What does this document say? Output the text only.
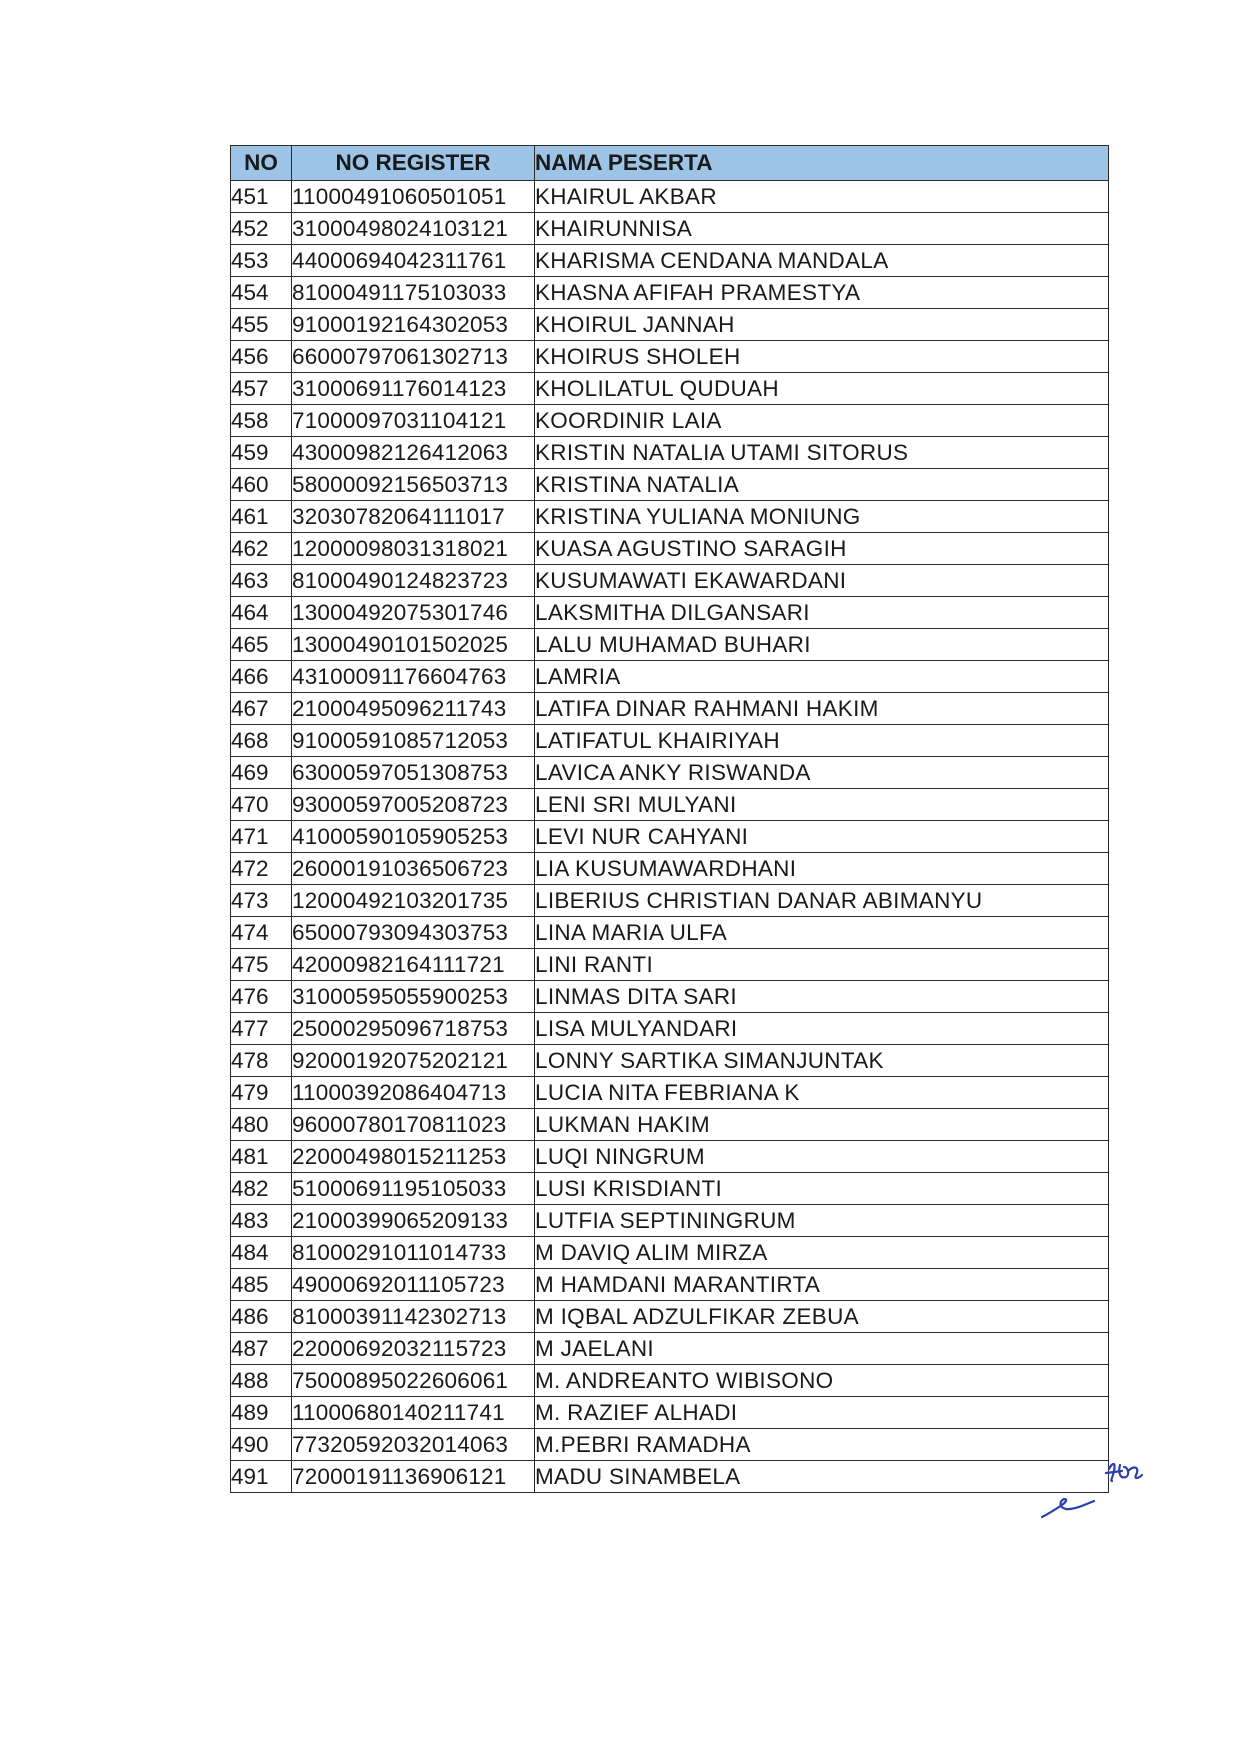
NO	NO REGISTER	NAMA PESERTA
451	11000491060501051	KHAIRUL AKBAR
452	31000498024103121	KHAIRUNNISA
453	44000694042311761	KHARISMA CENDANA MANDALA
454	81000491175103033	KHASNA AFIFAH PRAMESTYA
455	91000192164302053	KHOIRUL JANNAH
456	66000797061302713	KHOIRUS SHOLEH
457	31000691176014123	KHOLILATUL QUDUAH
458	71000097031104121	KOORDINIR LAIA
459	43000982126412063	KRISTIN NATALIA UTAMI SITORUS
460	58000092156503713	KRISTINA NATALIA
461	32030782064111017	KRISTINA YULIANA MONIUNG
462	12000098031318021	KUASA AGUSTINO SARAGIH
463	81000490124823723	KUSUMAWATI EKAWARDANI
464	13000492075301746	LAKSMITHA DILGANSARI
465	13000490101502025	LALU MUHAMAD BUHARI
466	43100091176604763	LAMRIA
467	21000495096211743	LATIFA DINAR RAHMANI HAKIM
468	91000591085712053	LATIFATUL KHAIRIYAH
469	63000597051308753	LAVICA ANKY RISWANDA
470	93000597005208723	LENI SRI MULYANI
471	41000590105905253	LEVI NUR CAHYANI
472	26000191036506723	LIA KUSUMAWARDHANI
473	12000492103201735	LIBERIUS CHRISTIAN DANAR ABIMANYU
474	65000793094303753	LINA MARIA ULFA
475	42000982164111721	LINI RANTI
476	31000595055900253	LINMAS DITA SARI
477	25000295096718753	LISA MULYANDARI
478	92000192075202121	LONNY SARTIKA SIMANJUNTAK
479	11000392086404713	LUCIA NITA FEBRIANA K
480	96000780170811023	LUKMAN HAKIM
481	22000498015211253	LUQI NINGRUM
482	51000691195105033	LUSI KRISDIANTI
483	21000399065209133	LUTFIA SEPTININGRUM
484	81000291011014733	M DAVIQ ALIM MIRZA
485	49000692011105723	M HAMDANI MARANTIRTA
486	81000391142302713	M IQBAL ADZULFIKAR ZEBUA
487	22000692032115723	M JAELANI
488	75000895022606061	M. ANDREANTO WIBISONO
489	11000680140211741	M. RAZIEF ALHADI
490	77320592032014063	M.PEBRI RAMADHA
491	72000191136906121	MADU SINAMBELA
